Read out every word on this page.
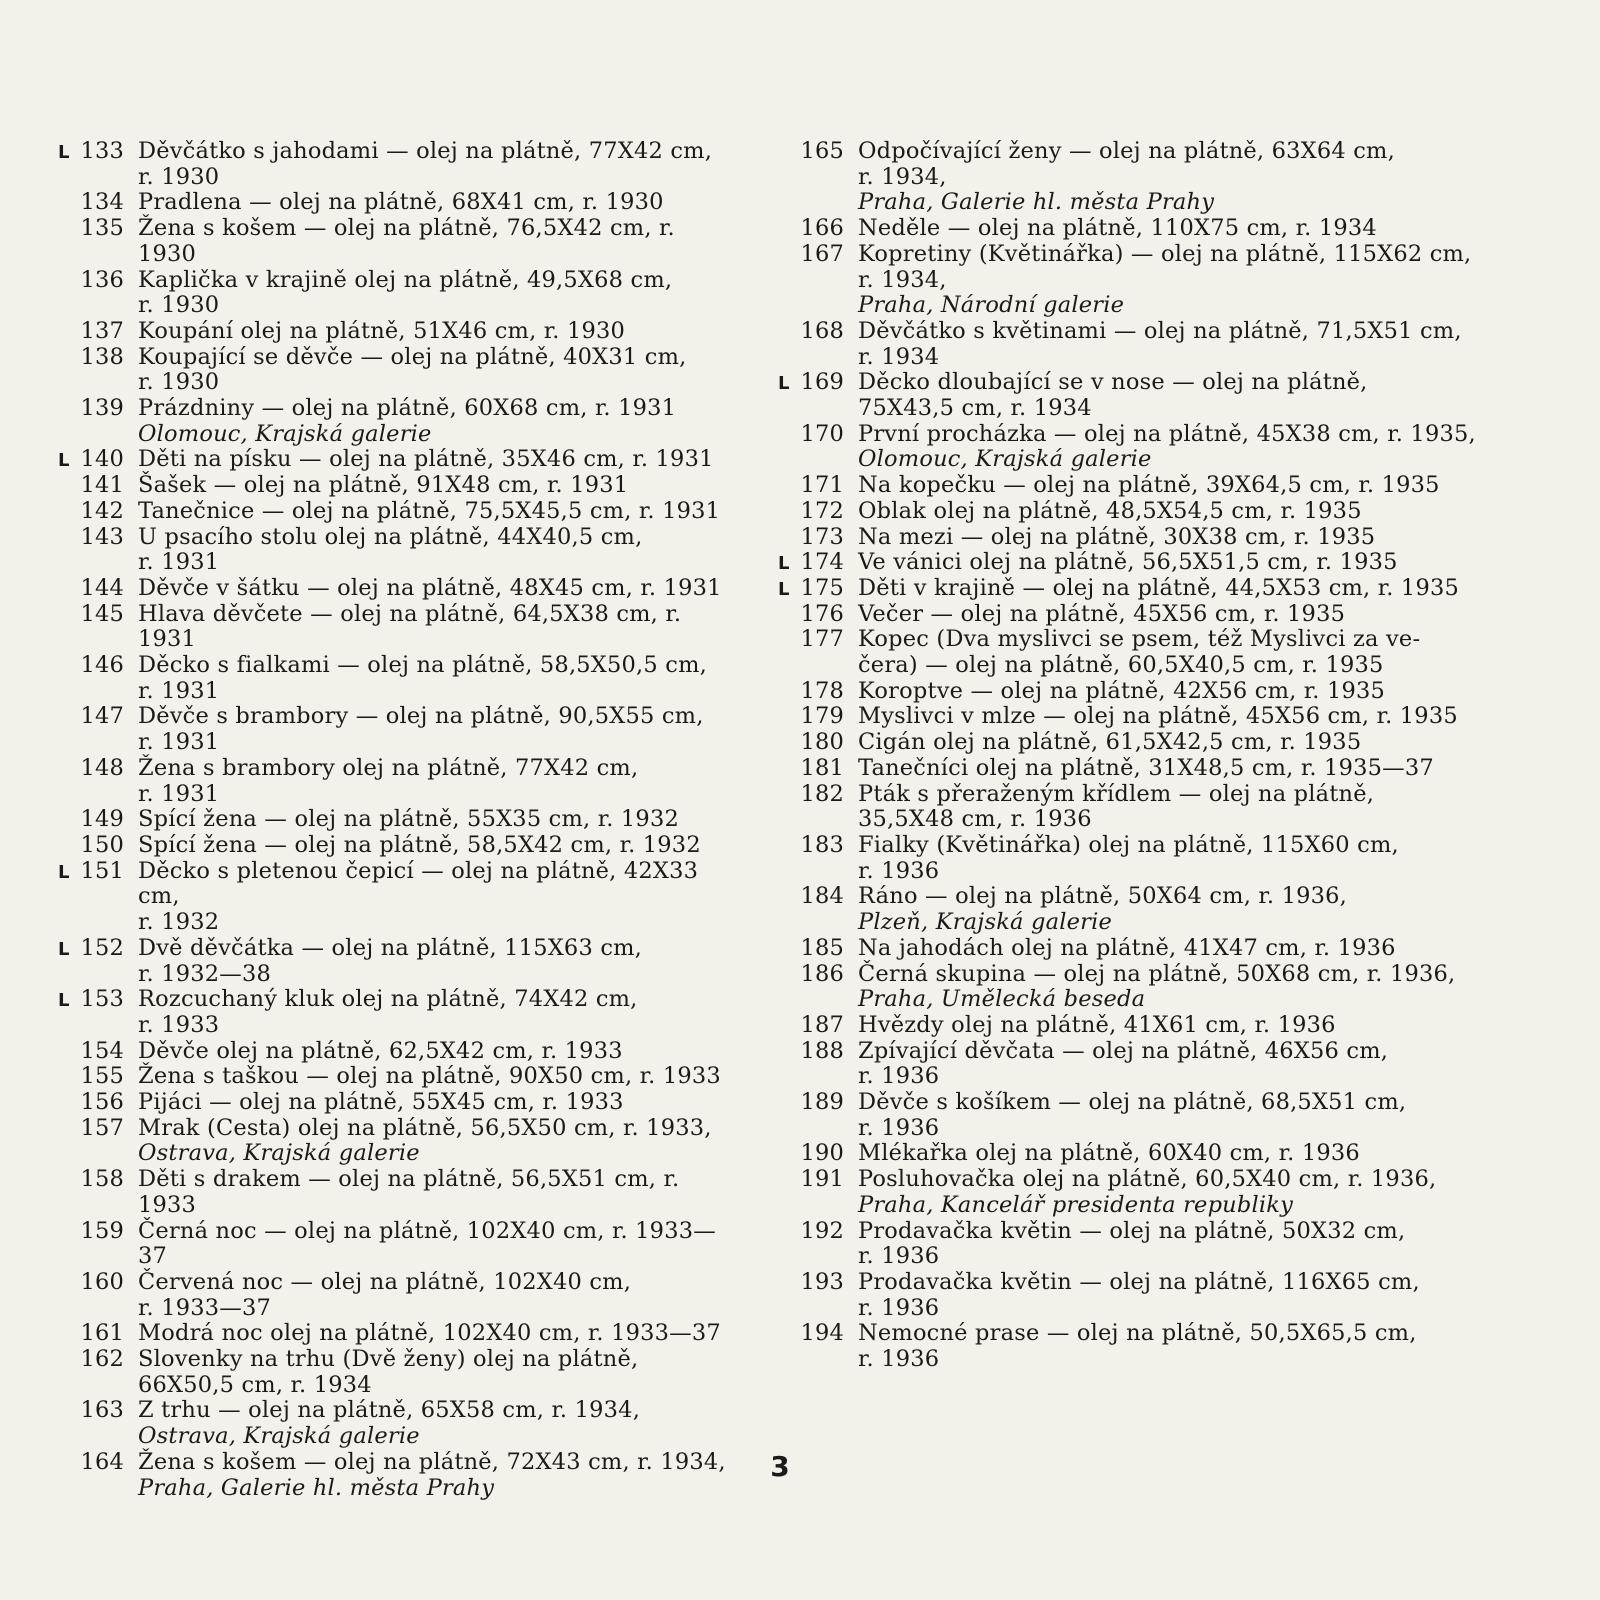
L 133 Děvčátko s jahodami — olej na plátně, 77X42 cm,
r. 1930
134 Pradlena — olej na plátně, 68X41 cm, r. 1930
135 Žena s košem — olej na plátně, 76,5X42 cm, r. 1930
136 Kaplička v krajině olej na plátně, 49,5X68 cm,
r. 1930
137 Koupání olej na plátně, 51X46 cm, r. 1930
138 Koupající se děvče — olej na plátně, 40X31 cm,
r. 1930
139 Prázdniny — olej na plátně, 60X68 cm, r. 1931
Olomouc, Krajská galerie
L 140 Děti na písku — olej na plátně, 35X46 cm, r. 1931
141 Šašek — olej na plátně, 91X48 cm, r. 1931
142 Tanečnice — olej na plátně, 75,5X45,5 cm, r. 1931
143 U psacího stolu olej na plátně, 44X40,5 cm,
r. 1931
144 Děvče v šátku — olej na plátně, 48X45 cm, r. 1931
145 Hlava děvčete — olej na plátně, 64,5X38 cm, r. 1931
146 Děcko s fialkami — olej na plátně, 58,5X50,5 cm,
r. 1931
147 Děvče s brambory — olej na plátně, 90,5X55 cm,
r. 1931
148 Žena s brambory olej na plátně, 77X42 cm,
r. 1931
149 Spící žena — olej na plátně, 55X35 cm, r. 1932
150 Spící žena — olej na plátně, 58,5X42 cm, r. 1932
L 151 Děcko s pletenou čepicí — olej na plátně, 42X33 cm,
r. 1932
L 152 Dvě děvčátka — olej na plátně, 115X63 cm,
r. 1932—38
L 153 Rozcuchaný kluk olej na plátně, 74X42 cm,
r. 1933
154 Děvče olej na plátně, 62,5X42 cm, r. 1933
155 Žena s taškou — olej na plátně, 90X50 cm, r. 1933
156 Pijáci — olej na plátně, 55X45 cm, r. 1933
157 Mrak (Cesta) olej na plátně, 56,5X50 cm, r. 1933,
Ostrava, Krajská galerie
158 Děti s drakem — olej na plátně, 56,5X51 cm, r. 1933
159 Černá noc — olej na plátně, 102X40 cm, r. 1933—37
160 Červená noc — olej na plátně, 102X40 cm,
r. 1933—37
161 Modrá noc olej na plátně, 102X40 cm, r. 1933—37
162 Slovenky na trhu (Dvě ženy) olej na plátně,
66X50,5 cm, r. 1934
163 Z trhu — olej na plátně, 65X58 cm, r. 1934,
Ostrava, Krajská galerie
164 Žena s košem — olej na plátně, 72X43 cm, r. 1934,
Praha, Galerie hl. města Prahy
165 Odpočívající ženy — olej na plátně, 63X64 cm,
r. 1934,
Praha, Galerie hl. města Prahy
166 Neděle — olej na plátně, 110X75 cm, r. 1934
167 Kopretiny (Květinářka) — olej na plátně, 115X62 cm,
r. 1934,
Praha, Národní galerie
168 Děvčátko s květinami — olej na plátně, 71,5X51 cm,
r. 1934
L 169 Děcko dloubající se v nose — olej na plátně,
75X43,5 cm, r. 1934
170 První procházka — olej na plátně, 45X38 cm, r. 1935,
Olomouc, Krajská galerie
171 Na kopečku — olej na plátně, 39X64,5 cm, r. 1935
172 Oblak olej na plátně, 48,5X54,5 cm, r. 1935
173 Na mezi — olej na plátně, 30X38 cm, r. 1935
L 174 Ve vánici olej na plátně, 56,5X51,5 cm, r. 1935
L 175 Děti v krajině — olej na plátně, 44,5X53 cm, r. 1935
176 Večer — olej na plátně, 45X56 cm, r. 1935
177 Kopec (Dva myslivci se psem, též Myslivci za ve-
čera) — olej na plátně, 60,5X40,5 cm, r. 1935
178 Koroptve — olej na plátně, 42X56 cm, r. 1935
179 Myslivci v mlze — olej na plátně, 45X56 cm, r. 1935
180 Cigán olej na plátně, 61,5X42,5 cm, r. 1935
181 Tanečníci olej na plátně, 31X48,5 cm, r. 1935—37
182 Pták s přeraženým křídlem — olej na plátně,
35,5X48 cm, r. 1936
183 Fialky (Květinářka) olej na plátně, 115X60 cm,
r. 1936
184 Ráno — olej na plátně, 50X64 cm, r. 1936,
Plzeň, Krajská galerie
185 Na jahodách olej na plátně, 41X47 cm, r. 1936
186 Černá skupina — olej na plátně, 50X68 cm, r. 1936,
Praha, Umělecká beseda
187 Hvězdy olej na plátně, 41X61 cm, r. 1936
188 Zpívající děvčata — olej na plátně, 46X56 cm,
r. 1936
189 Děvče s košíkem — olej na plátně, 68,5X51 cm,
r. 1936
190 Mlékařka olej na plátně, 60X40 cm, r. 1936
191 Posluhovačka olej na plátně, 60,5X40 cm, r. 1936,
Praha, Kancelář presidenta republiky
192 Prodavačka květin — olej na plátně, 50X32 cm,
r. 1936
193 Prodavačka květin — olej na plátně, 116X65 cm,
r. 1936
194 Nemocné prase — olej na plátně, 50,5X65,5 cm,
r. 1936
3
